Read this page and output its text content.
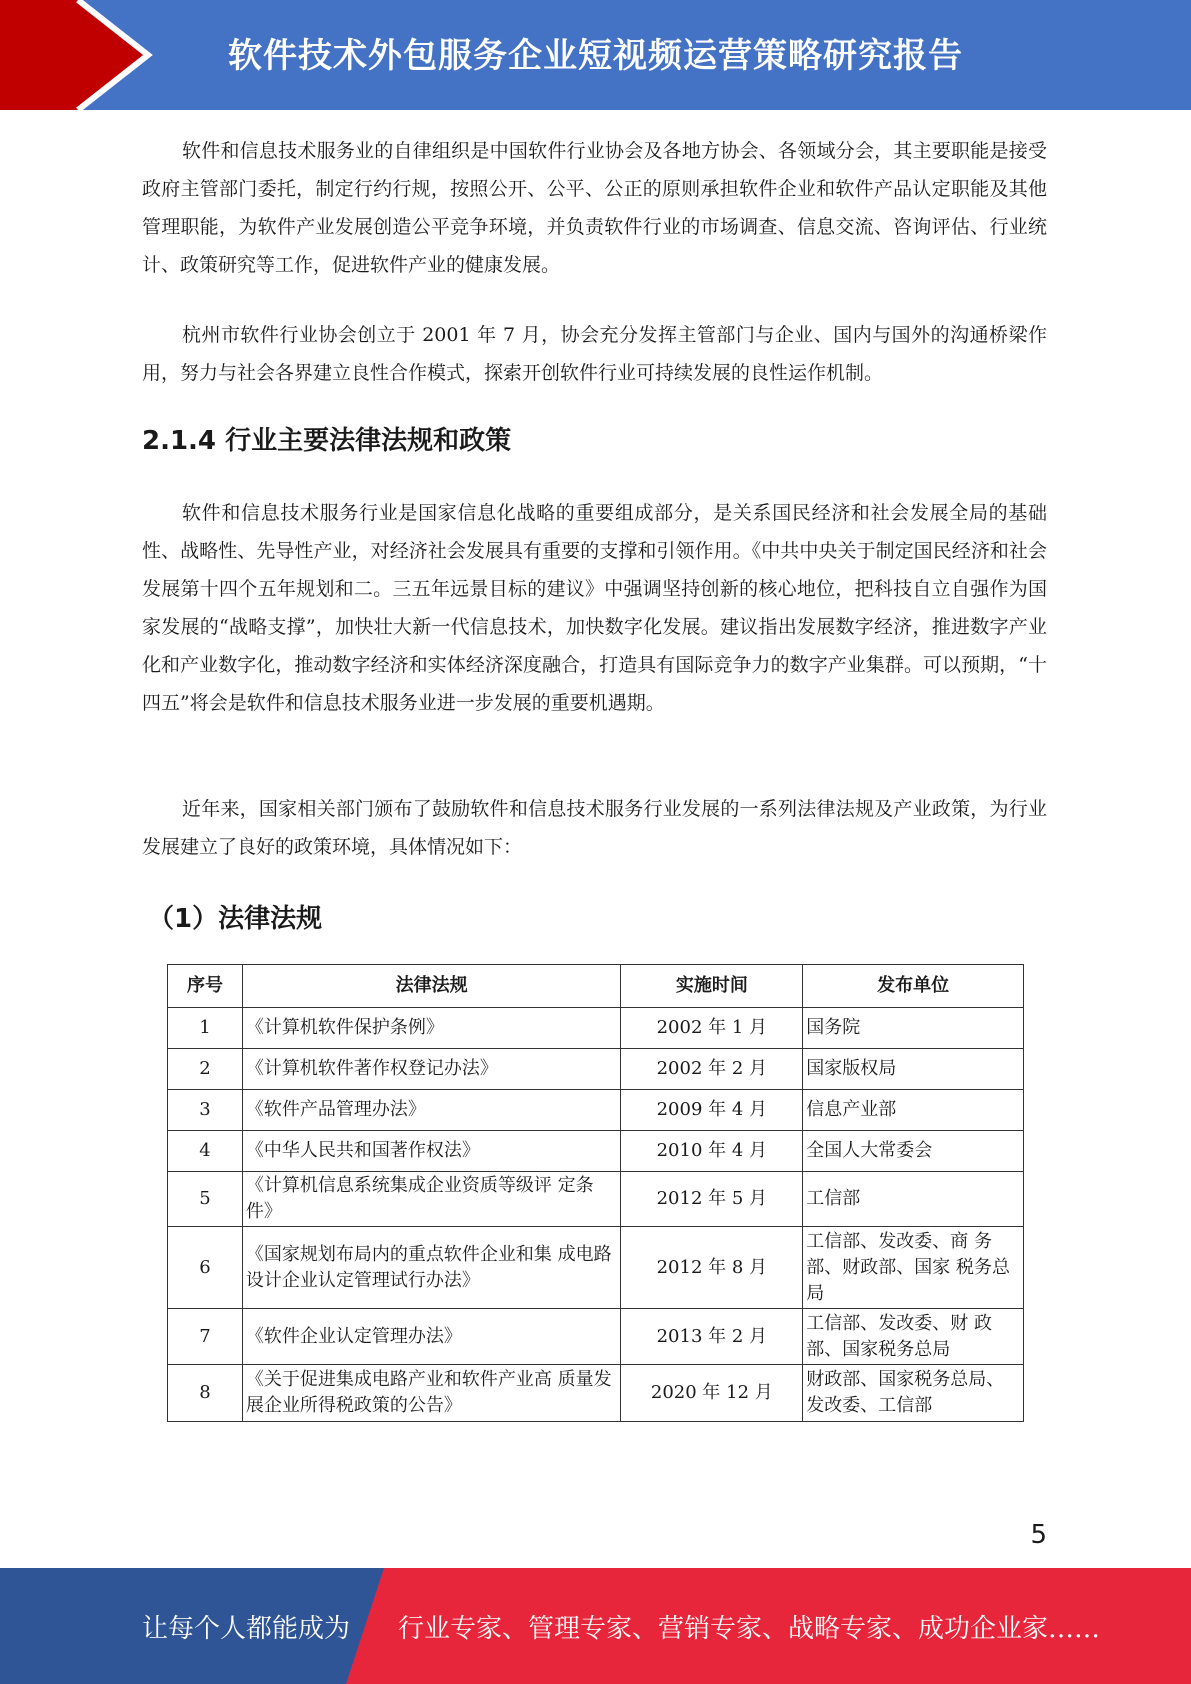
软件技术外包服务企业短视频运营策略研究报告

软件和信息技术服务业的自律组织是中国软件行业协会及各地方协会、各领域分会，其主要职能是接受政府主管部门委托，制定行约行规，按照公开、公平、公正的原则承担软件企业和软件产品认定职能及其他管理职能，为软件产业发展创造公平竞争环境，并负责软件行业的市场调查、信息交流、咨询评估、行业统计、政策研究等工作，促进软件产业的健康发展。

杭州市软件行业协会创立于 2001 年 7 月，协会充分发挥主管部门与企业、国内与国外的沟通桥梁作用，努力与社会各界建立良性合作模式，探索开创软件行业可持续发展的良性运作机制。

2.1.4 行业主要法律法规和政策

软件和信息技术服务行业是国家信息化战略的重要组成部分，是关系国民经济和社会发展全局的基础性、战略性、先导性产业，对经济社会发展具有重要的支撑和引领作用。《中共中央关于制定国民经济和社会发展第十四个五年规划和二。三五年远景目标的建议》中强调坚持创新的核心地位，把科技自立自强作为国家发展的“战略支撑”，加快壮大新一代信息技术，加快数字化发展。建议指出发展数字经济，推进数字产业化和产业数字化，推动数字经济和实体经济深度融合，打造具有国际竞争力的数字产业集群。可以预期，“十四五”将会是软件和信息技术服务业进一步发展的重要机遇期。

近年来，国家相关部门颁布了鼓励软件和信息技术服务行业发展的一系列法律法规及产业政策，为行业发展建立了良好的政策环境，具体情况如下：

（1）法律法规
序号	法律法规	实施时间	发布单位
1	《计算机软件保护条例》	2002 年 1 月	国务院
2	《计算机软件著作权登记办法》	2002 年 2 月	国家版权局
3	《软件产品管理办法》	2009 年 4 月	信息产业部
4	《中华人民共和国著作权法》	2010 年 4 月	全国人大常委会
5	《计算机信息系统集成企业资质等级评 定条件》	2012 年 5 月	工信部
6	《国家规划布局内的重点软件企业和集 成电路设计企业认定管理试行办法》	2012 年 8 月	工信部、发改委、商 务部、财政部、国家 税务总局
7	《软件企业认定管理办法》	2013 年 2 月	工信部、发改委、财 政部、国家税务总局
8	《关于促进集成电路产业和软件产业高 质量发展企业所得税政策的公告》	2020 年 12 月	财政部、国家税务总局、发改委、工信部
5
让每个人都能成为 行业专家、管理专家、营销专家、战略专家、成功企业家……
